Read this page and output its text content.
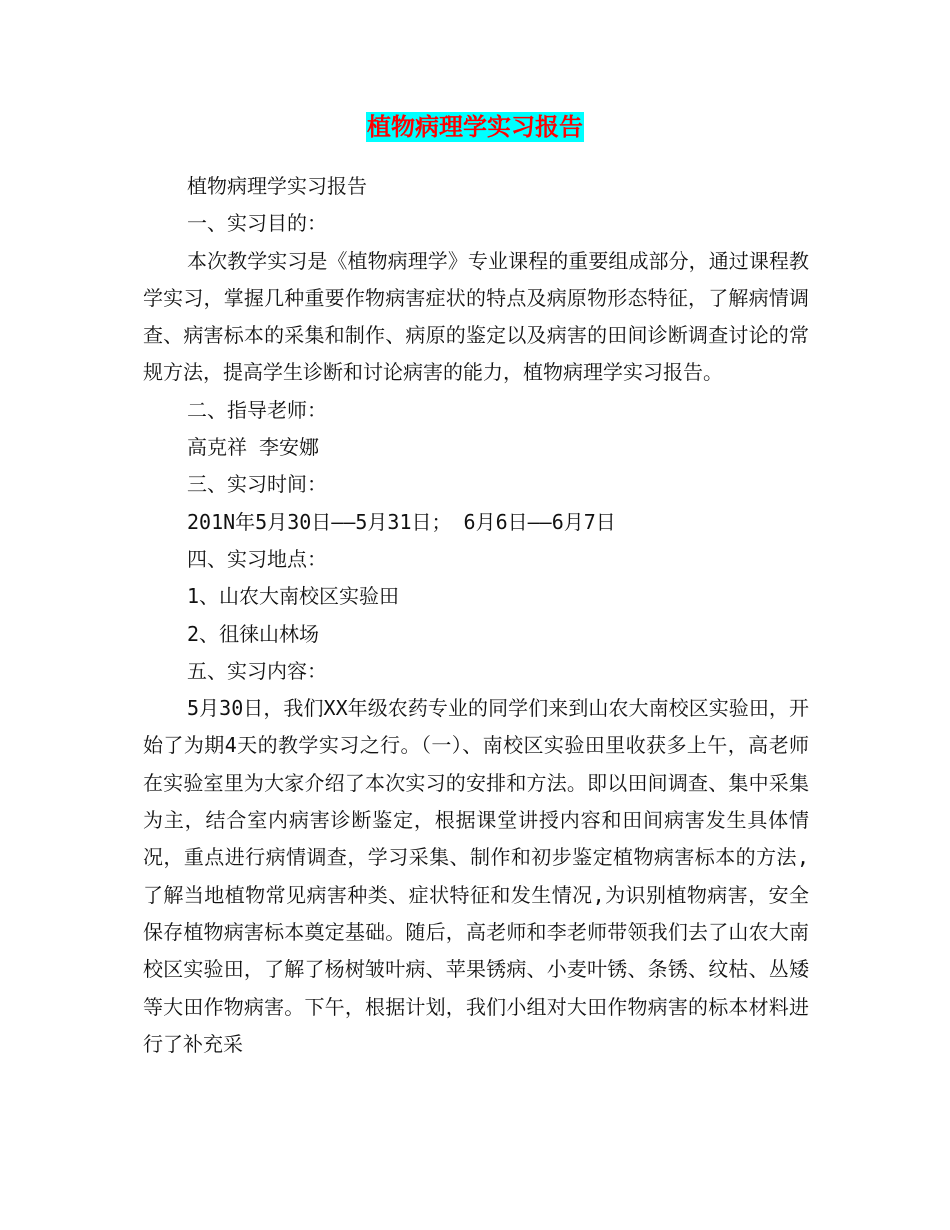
植物病理学实习报告

植物病理学实习报告

一、实习目的：

本次教学实习是《植物病理学》专业课程的重要组成部分，通过课程教学实习，掌握几种重要作物病害症状的特点及病原物形态特征，了解病情调查、病害标本的采集和制作、病原的鉴定以及病害的田间诊断调查讨论的常规方法，提高学生诊断和讨论病害的能力，植物病理学实习报告。

二、指导老师：

高克祥 李安娜

三、实习时间：

201N年5月30日——5月31日； 6月6日——6月7日

四、实习地点：

1、山农大南校区实验田

2、徂徕山林场

五、实习内容：

5月30日，我们XX年级农药专业的同学们来到山农大南校区实验田，开始了为期4天的教学实习之行。（一）、南校区实验田里收获多上午，高老师在实验室里为大家介绍了本次实习的安排和方法。即以田间调查、集中采集为主，结合室内病害诊断鉴定，根据课堂讲授内容和田间病害发生具体情况，重点进行病情调查，学习采集、制作和初步鉴定植物病害标本的方法,了解当地植物常见病害种类、症状特征和发生情况,为识别植物病害，安全保存植物病害标本奠定基础。随后，高老师和李老师带领我们去了山农大南校区实验田，了解了杨树皱叶病、苹果锈病、小麦叶锈、条锈、纹枯、丛矮等大田作物病害。下午，根据计划，我们小组对大田作物病害的标本材料进行了补充采
